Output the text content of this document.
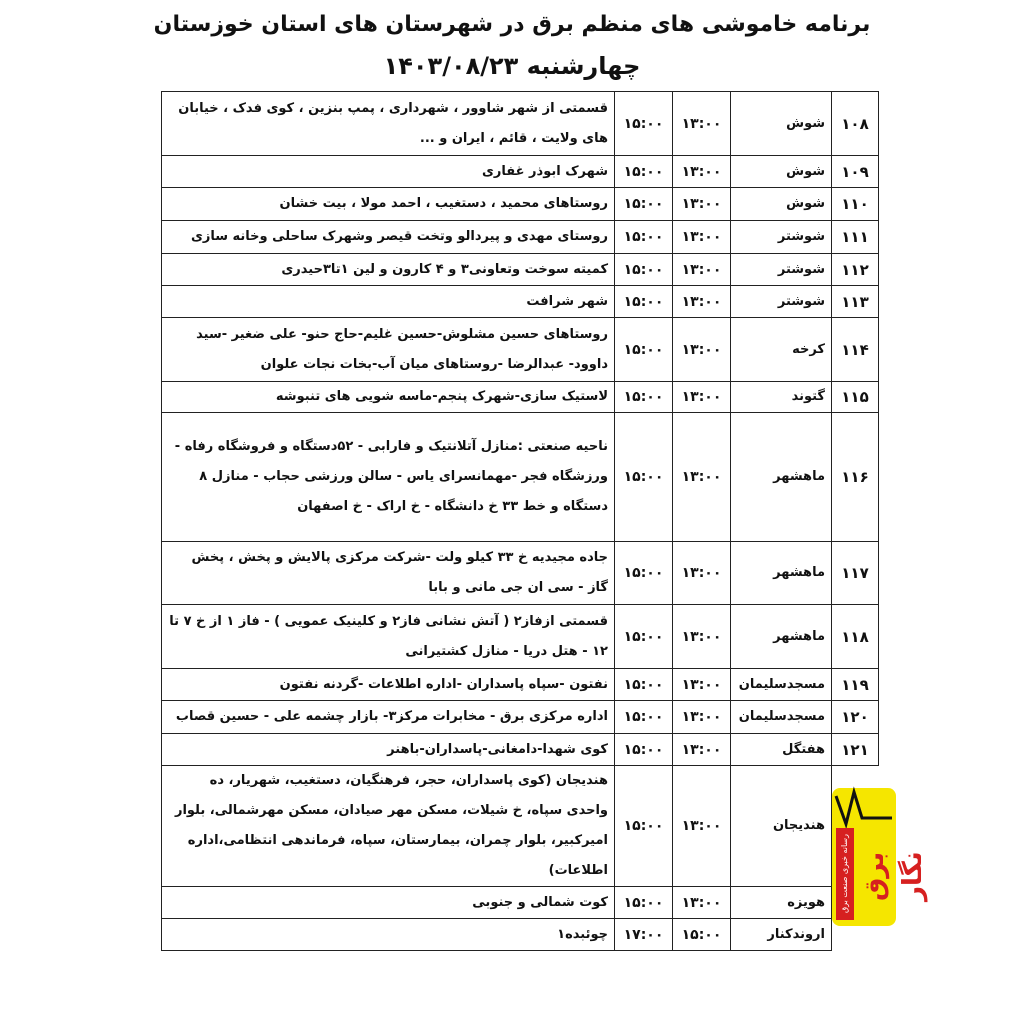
برنامه خاموشی های منظم برق در شهرستان های استان خوزستان
چهارشنبه ۱۴۰۳/۰۸/۲۳
۱۰۸	شوش	۱۳:۰۰	۱۵:۰۰	قسمتی از شهر شاوور ، شهرداری ، پمپ بنزین ، کوی فدک ، خیابان های ولایت ، قائم ، ایران و ...
۱۰۹	شوش	۱۳:۰۰	۱۵:۰۰	شهرک ابوذر غفاری
۱۱۰	شوش	۱۳:۰۰	۱۵:۰۰	روستاهای محمید ، دستغیب ، احمد مولا ، بیت خشان
۱۱۱	شوشتر	۱۳:۰۰	۱۵:۰۰	روستای مهدی و پیردالو وتخت قیصر وشهرک ساحلی وخانه سازی
۱۱۲	شوشتر	۱۳:۰۰	۱۵:۰۰	کمیته سوخت وتعاونی۳ و ۴ کارون و لین ۱تا۳حیدری
۱۱۳	شوشتر	۱۳:۰۰	۱۵:۰۰	شهر شرافت
۱۱۴	کرخه	۱۳:۰۰	۱۵:۰۰	روستاهای حسین مشلوش-حسین غلیم-حاج حنو- علی ضغیر -سید داوود- عبدالرضا -روستاهای میان آب-بخات نجات علوان
۱۱۵	گتوند	۱۳:۰۰	۱۵:۰۰	لاستیک سازی-شهرک پنجم-ماسه شویی های تنبوشه
۱۱۶	ماهشهر	۱۳:۰۰	۱۵:۰۰	ناحیه صنعتی :منازل آتلانتیک و فارابی - ۵۲دستگاه و فروشگاه رفاه - ورزشگاه فجر -مهمانسرای یاس - سالن ورزشی حجاب - منازل ۸ دستگاه و خط ۳۳ خ دانشگاه - خ اراک - خ اصفهان
۱۱۷	ماهشهر	۱۳:۰۰	۱۵:۰۰	جاده مجیدیه خ ۳۳ کیلو ولت -شرکت مرکزی پالایش و پخش ، پخش گاز - سی ان جی مانی و بابا
۱۱۸	ماهشهر	۱۳:۰۰	۱۵:۰۰	قسمتی ازفاز۲ ( آتش نشانی فاز۲ و کلینیک عمویی ) - فاز ۱ از خ ۷ تا ۱۲ - هتل دریا - منازل کشتیرانی
۱۱۹	مسجدسلیمان	۱۳:۰۰	۱۵:۰۰	نفتون -سپاه پاسداران -اداره اطلاعات -گردنه نفتون
۱۲۰	مسجدسلیمان	۱۳:۰۰	۱۵:۰۰	اداره مرکزی برق - مخابرات مرکز۳- بازار چشمه علی - حسین قصاب
۱۲۱	هفتگل	۱۳:۰۰	۱۵:۰۰	کوی شهدا-دامغانی-پاسداران-باهنر
	هندیجان	۱۳:۰۰	۱۵:۰۰	هندیجان (کوی پاسداران، حجر، فرهنگیان، دستغیب، شهریار، ده واحدی سپاه، خ شیلات، مسکن مهر صیادان، مسکن مهرشمالی، بلوار امیرکبیر، بلوار چمران، بیمارستان، سپاه، فرماندهی انتظامی،اداره اطلاعات)
	هویزه	۱۳:۰۰	۱۵:۰۰	کوت شمالی و جنوبی
	اروندکنار	۱۵:۰۰	۱۷:۰۰	چوئبده۱
رسانه خبری صنعت برق برق نگار
